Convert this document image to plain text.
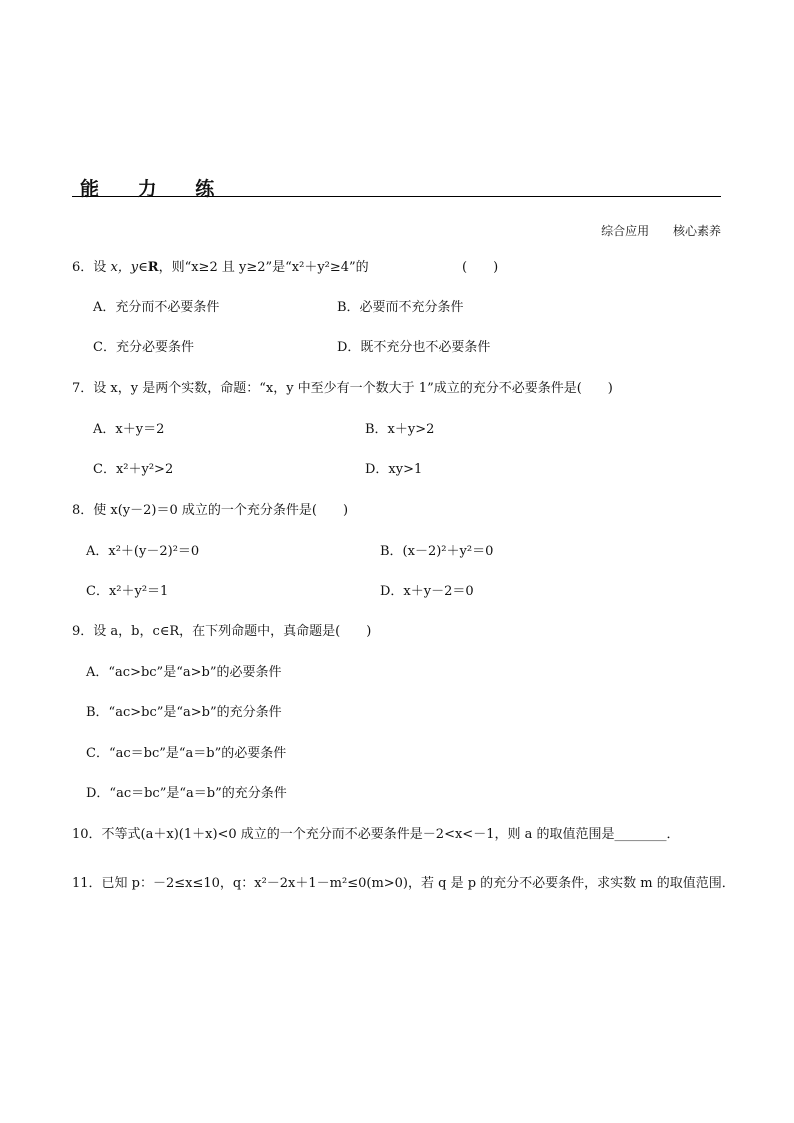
能 力 练
综合应用 核心素养
6．设 x，y∈R，则“x≥2 且 y≥2”是“x²＋y²≥4”的	(　　)
A．充分而不必要条件	B．必要而不充分条件
C．充分必要条件	D．既不充分也不必要条件
7．设 x，y 是两个实数，命题：“x，y 中至少有一个数大于 1”成立的充分不必要条件是(　　)
A．x＋y＝2	B．x＋y>2
C．x²＋y²>2	D．xy>1
8．使 x(y－2)＝0 成立的一个充分条件是(　　)
A．x²＋(y－2)²＝0	B．(x－2)²＋y²＝0
C．x²＋y²＝1	D．x＋y－2＝0
9．设 a，b，c∈R，在下列命题中，真命题是(　　)
A．“ac>bc”是“a>b”的必要条件
B．“ac>bc”是“a>b”的充分条件
C．“ac＝bc”是“a＝b”的必要条件
D．“ac＝bc”是“a＝b”的充分条件
10．不等式(a＋x)(1＋x)<0 成立的一个充分而不必要条件是－2<x<－1，则 a 的取值范围是________．
11．已知 p：－2≤x≤10，q：x²－2x＋1－m²≤0(m>0)，若 q 是 p 的充分不必要条件，求实数 m 的取值范围．
